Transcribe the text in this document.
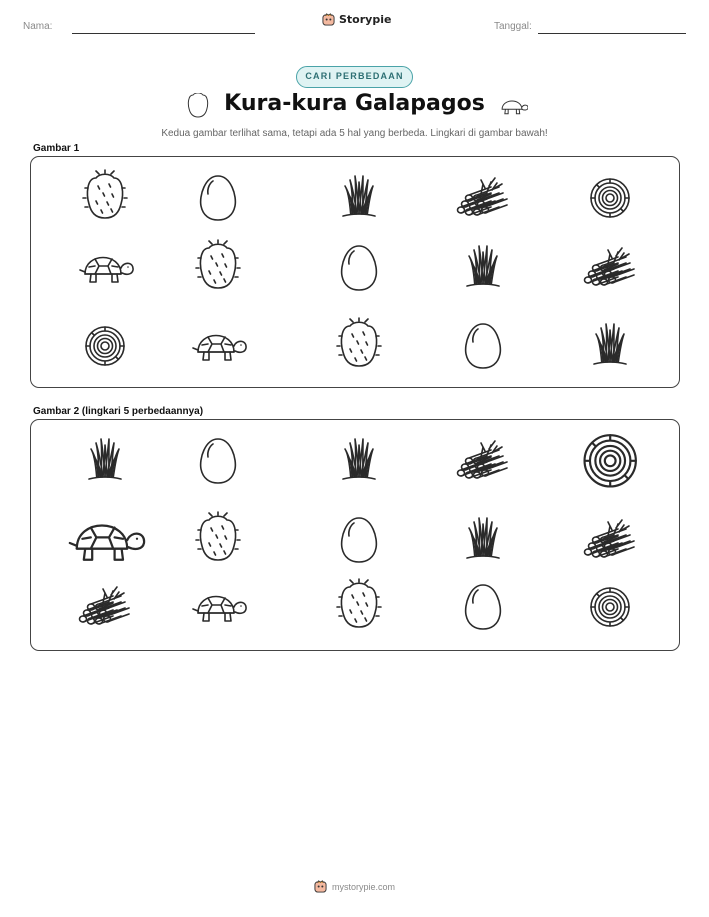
Nama:
Storypie
Tanggal:
CARI PERBEDAAN
Kura-kura Galapagos
Kedua gambar terlihat sama, tetapi ada 5 hal yang berbeda. Lingkari di gambar bawah!
Gambar 1
Gambar 2 (lingkari 5 perbedaannya)
mystorypie.com
